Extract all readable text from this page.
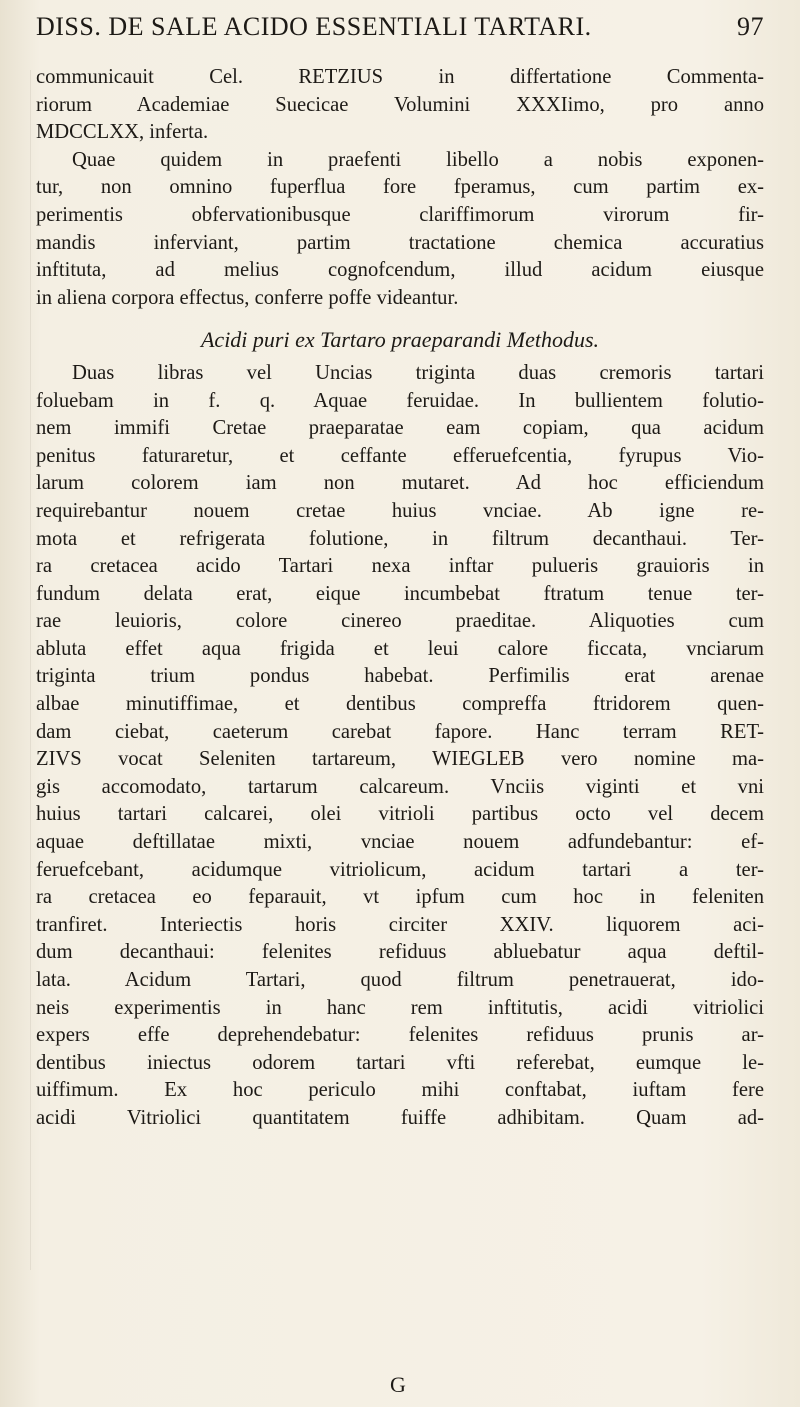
DISS. DE SALE ACIDO ESSENTIALI TARTARI.	97
communicauit Cel. RETZIUS in differtatione Commenta-
riorum Academiae Suecicae Volumini XXXIimo, pro anno
MDCCLXX, inferta.
Quae quidem in praefenti libello a nobis exponen-
tur, non omnino fuperflua fore fperamus, cum partim ex-
perimentis obfervationibusque clariffimorum virorum fir-
mandis inferviant, partim tractatione chemica accuratius
inftituta, ad melius cognofcendum, illud acidum eiusque
in aliena corpora effectus, conferre poffe videantur.
Acidi puri ex Tartaro praeparandi Methodus.
Duas libras vel Uncias triginta duas cremoris tartari
foluebam in f. q. Aquae feruidae. In bullientem folutio-
nem immifi Cretae praeparatae eam copiam, qua acidum
penitus faturaretur, et ceffante efferuefcentia, fyrupus Vio-
larum colorem iam non mutaret. Ad hoc efficiendum
requirebantur nouem cretae huius vnciae. Ab igne re-
mota et refrigerata folutione, in filtrum decanthaui. Ter-
ra cretacea acido Tartari nexa inftar pulueris grauioris in
fundum delata erat, eique incumbebat ftratum tenue ter-
rae leuioris, colore cinereo praeditae. Aliquoties cum
abluta effet aqua frigida et leui calore ficcata, vnciarum
triginta trium pondus habebat. Perfimilis erat arenae
albae minutiffimae, et dentibus compreffa ftridorem quen-
dam ciebat, caeterum carebat fapore. Hanc terram RET-
ZIVS vocat Seleniten tartareum, WIEGLEB vero nomine ma-
gis accomodato, tartarum calcareum. Vnciis viginti et vni
huius tartari calcarei, olei vitrioli partibus octo vel decem
aquae deftillatae mixti, vnciae nouem adfundebantur: ef-
feruefcebant, acidumque vitriolicum, acidum tartari a ter-
ra cretacea eo feparauit, vt ipfum cum hoc in feleniten
tranfiret. Interiectis horis circiter XXIV. liquorem aci-
dum decanthaui: felenites refiduus abluebatur aqua deftil-
lata. Acidum Tartari, quod filtrum penetrauerat, ido-
neis experimentis in hanc rem inftitutis, acidi vitriolici
expers effe deprehendebatur: felenites refiduus prunis ar-
dentibus iniectus odorem tartari vfti referebat, eumque le-
uiffimum. Ex hoc periculo mihi conftabat, iuftam fere
acidi Vitriolici quantitatem fuiffe adhibitam. Quam ad-
G
